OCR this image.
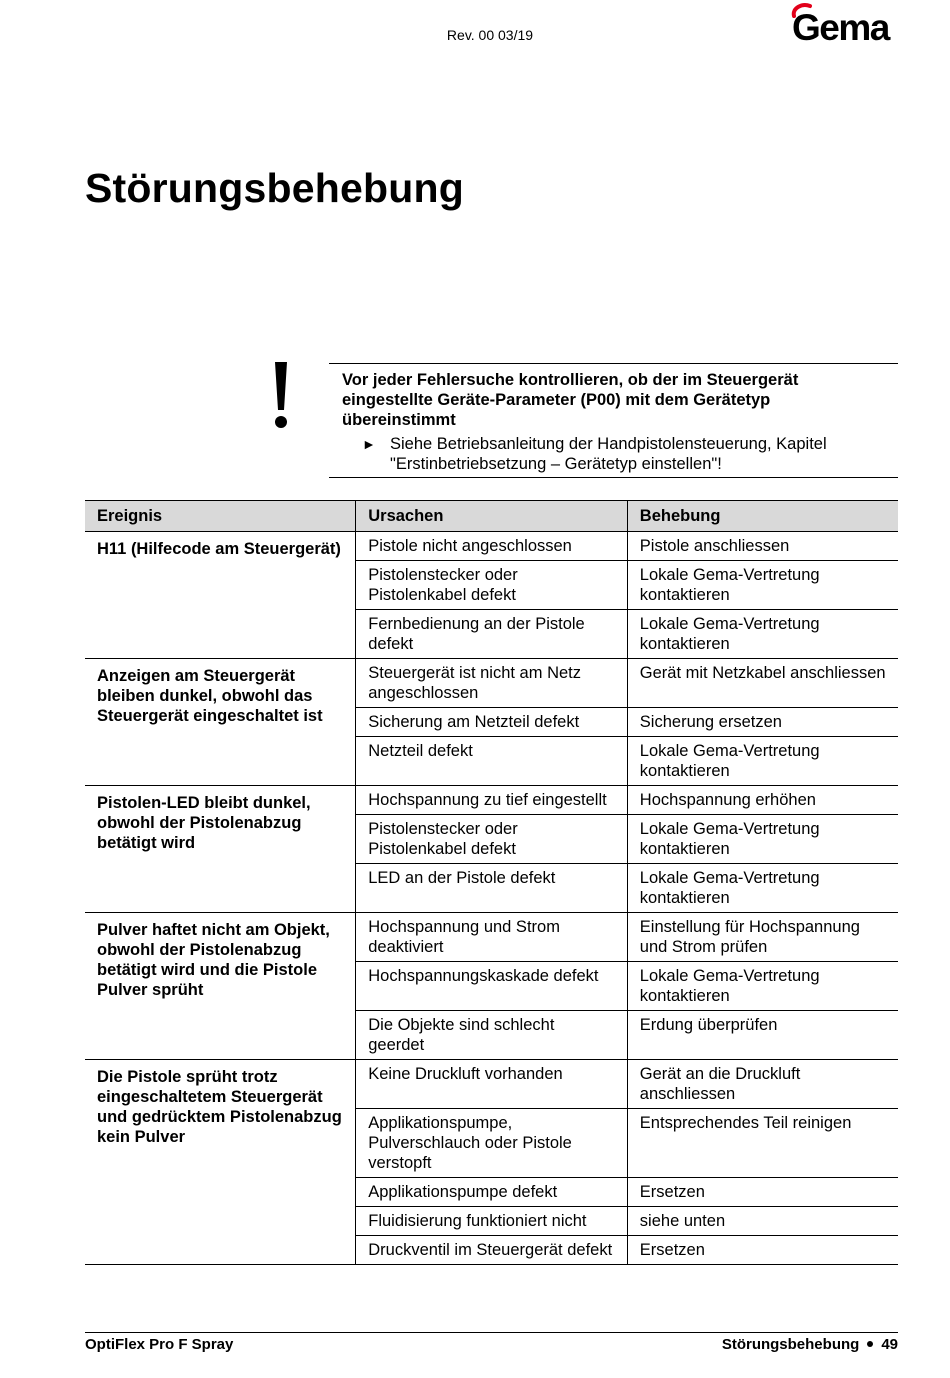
Rev. 00 03/19	Gema
Störungsbehebung

Vor jeder Fehlersuche kontrollieren, ob der im Steuergerät eingestellte Geräte-Parameter (P00) mit dem Gerätetyp übereinstimmt

► Siehe Betriebsanleitung der Handpistolensteuerung, Kapitel "Erstinbetriebsetzung – Gerätetyp einstellen"!
Ereignis	Ursachen	Behebung
H11 (Hilfecode am Steuergerät)	Pistole nicht angeschlossen	Pistole anschliessen
	Pistolenstecker oder Pistolenkabel defekt	Lokale Gema-Vertretung kontaktieren
	Fernbedienung an der Pistole defekt	Lokale Gema-Vertretung kontaktieren
Anzeigen am Steuergerät bleiben dunkel, obwohl das Steuergerät eingeschaltet ist	Steuergerät ist nicht am Netz angeschlossen	Gerät mit Netzkabel anschliessen
	Sicherung am Netzteil defekt	Sicherung ersetzen
	Netzteil defekt	Lokale Gema-Vertretung kontaktieren
Pistolen-LED bleibt dunkel, obwohl der Pistolenabzug betätigt wird	Hochspannung zu tief eingestellt	Hochspannung erhöhen
	Pistolenstecker oder Pistolenkabel defekt	Lokale Gema-Vertretung kontaktieren
	LED an der Pistole defekt	Lokale Gema-Vertretung kontaktieren
Pulver haftet nicht am Objekt, obwohl der Pistolenabzug betätigt wird und die Pistole Pulver sprüht	Hochspannung und Strom deaktiviert	Einstellung für Hochspannung und Strom prüfen
	Hochspannungskaskade defekt	Lokale Gema-Vertretung kontaktieren
	Die Objekte sind schlecht geerdet	Erdung überprüfen
Die Pistole sprüht trotz eingeschaltetem Steuergerät und gedrücktem Pistolenabzug kein Pulver	Keine Druckluft vorhanden	Gerät an die Druckluft anschliessen
	Applikationspumpe, Pulverschlauch oder Pistole verstopft	Entsprechendes Teil reinigen
	Applikationspumpe defekt	Ersetzen
	Fluidisierung funktioniert nicht	siehe unten
	Druckventil im Steuergerät defekt	Ersetzen
OptiFlex Pro F Spray	Störungsbehebung 49
